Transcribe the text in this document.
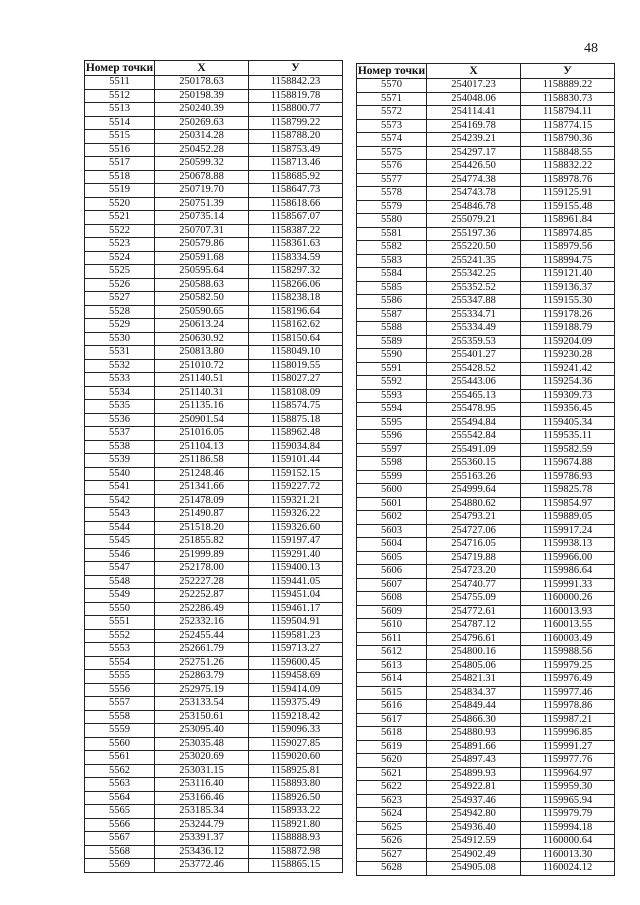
48
Номер точки	X	У
5511	250178.63	1158842.23
5512	250198.39	1158819.78
5513	250240.39	1158800.77
5514	250269.63	1158799.22
5515	250314.28	1158788.20
5516	250452.28	1158753.49
5517	250599.32	1158713.46
5518	250678.88	1158685.92
5519	250719.70	1158647.73
5520	250751.39	1158618.66
5521	250735.14	1158567.07
5522	250707.31	1158387.22
5523	250579.86	1158361.63
5524	250591.68	1158334.59
5525	250595.64	1158297.32
5526	250588.63	1158266.06
5527	250582.50	1158238.18
5528	250590.65	1158196.64
5529	250613.24	1158162.62
5530	250630.92	1158150.64
5531	250813.80	1158049.10
5532	251010.72	1158019.55
5533	251140.51	1158027.27
5534	251140.31	1158108.09
5535	251135.16	1158574.75
5536	250901.54	1158875.18
5537	251016.05	1158962.48
5538	251104.13	1159034.84
5539	251186.58	1159101.44
5540	251248.46	1159152.15
5541	251341.66	1159227.72
5542	251478.09	1159321.21
5543	251490.87	1159326.22
5544	251518.20	1159326.60
5545	251855.82	1159197.47
5546	251999.89	1159291.40
5547	252178.00	1159400.13
5548	252227.28	1159441.05
5549	252252.87	1159451.04
5550	252286.49	1159461.17
5551	252332.16	1159504.91
5552	252455.44	1159581.23
5553	252661.79	1159713.27
5554	252751.26	1159600.45
5555	252863.79	1159458.69
5556	252975.19	1159414.09
5557	253133.54	1159375.49
5558	253150.61	1159218.42
5559	253095.40	1159096.33
5560	253035.48	1159027.85
5561	253020.69	1159020.60
5562	253031.15	1158925.81
5563	253116.40	1158893.80
5564	253166.46	1158926.50
5565	253185.34	1158933.22
5566	253244.79	1158921.80
5567	253391.37	1158888.93
5568	253436.12	1158872.98
5569	253772.46	1158865.15
Номер точки	X	У
5570	254017.23	1158889.22
5571	254048.06	1158830.73
5572	254114.41	1158794.11
5573	254169.78	1158774.15
5574	254239.21	1158790.36
5575	254297.17	1158848.55
5576	254426.50	1158832.22
5577	254774.38	1158978.76
5578	254743.78	1159125.91
5579	254846.78	1159155.48
5580	255079.21	1158961.84
5581	255197.36	1158974.85
5582	255220.50	1158979.56
5583	255241.35	1158994.75
5584	255342.25	1159121.40
5585	255352.52	1159136.37
5586	255347.88	1159155.30
5587	255334.71	1159178.26
5588	255334.49	1159188.79
5589	255359.53	1159204.09
5590	255401.27	1159230.28
5591	255428.52	1159241.42
5592	255443.06	1159254.36
5593	255465.13	1159309.73
5594	255478.95	1159356.45
5595	255494.84	1159405.34
5596	255542.84	1159535.11
5597	255491.09	1159582.59
5598	255360.15	1159674.88
5599	255163.26	1159786.93
5600	254999.64	1159825.78
5601	254880.62	1159854.97
5602	254793.21	1159889.05
5603	254727.06	1159917.24
5604	254716.05	1159938.13
5605	254719.88	1159966.00
5606	254723.20	1159986.64
5607	254740.77	1159991.33
5608	254755.09	1160000.26
5609	254772.61	1160013.93
5610	254787.12	1160013.55
5611	254796.61	1160003.49
5612	254800.16	1159988.56
5613	254805.06	1159979.25
5614	254821.31	1159976.49
5615	254834.37	1159977.46
5616	254849.44	1159978.86
5617	254866.30	1159987.21
5618	254880.93	1159996.85
5619	254891.66	1159991.27
5620	254897.43	1159977.76
5621	254899.93	1159964.97
5622	254922.81	1159959.30
5623	254937.46	1159965.94
5624	254942.80	1159979.79
5625	254936.40	1159994.18
5626	254912.59	1160000.64
5627	254902.49	1160013.30
5628	254905.08	1160024.12
